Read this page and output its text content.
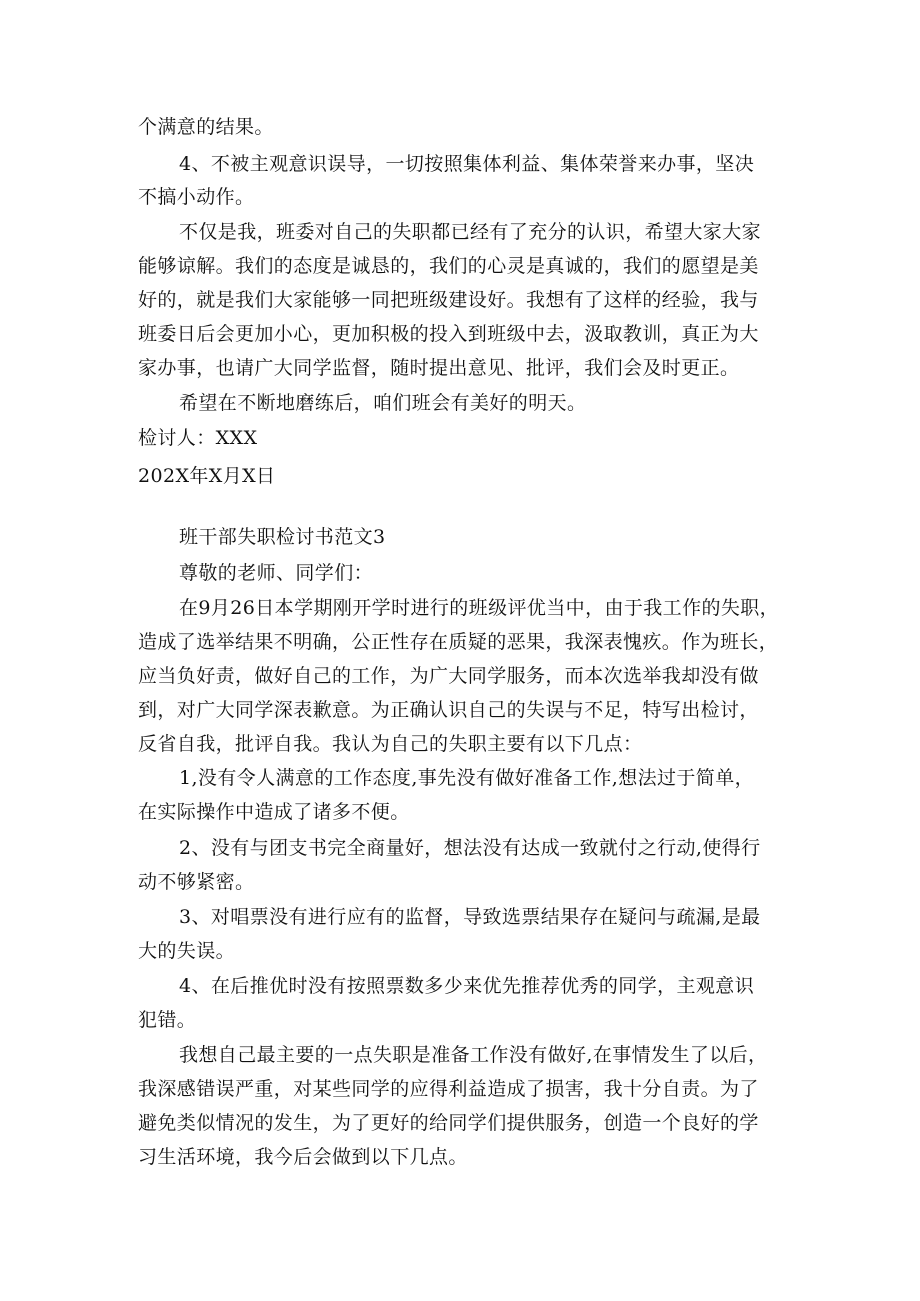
个满意的结果。
4、不被主观意识误导，一切按照集体利益、集体荣誉来办事，坚决
不搞小动作。
不仅是我，班委对自己的失职都已经有了充分的认识，希望大家大家
能够谅解。我们的态度是诚恳的，我们的心灵是真诚的，我们的愿望是美
好的，就是我们大家能够一同把班级建设好。我想有了这样的经验，我与
班委日后会更加小心，更加积极的投入到班级中去，汲取教训，真正为大
家办事，也请广大同学监督，随时提出意见、批评，我们会及时更正。
希望在不断地磨练后，咱们班会有美好的明天。
检讨人：XXX
202X年X月X日
班干部失职检讨书范文3
尊敬的老师、同学们：
在9月26日本学期刚开学时进行的班级评优当中，由于我工作的失职，
造成了选举结果不明确，公正性存在质疑的恶果，我深表愧疚。作为班长，
应当负好责，做好自己的工作，为广大同学服务，而本次选举我却没有做
到，对广大同学深表歉意。为正确认识自己的失误与不足，特写出检讨，
反省自我，批评自我。我认为自己的失职主要有以下几点：
1,没有令人满意的工作态度,事先没有做好准备工作,想法过于简单，
在实际操作中造成了诸多不便。
2、没有与团支书完全商量好，想法没有达成一致就付之行动,使得行
动不够紧密。
3、对唱票没有进行应有的监督，导致选票结果存在疑问与疏漏,是最
大的失误。
4、在后推优时没有按照票数多少来优先推荐优秀的同学，主观意识
犯错。
我想自己最主要的一点失职是准备工作没有做好,在事情发生了以后，
我深感错误严重，对某些同学的应得利益造成了损害，我十分自责。为了
避免类似情况的发生，为了更好的给同学们提供服务，创造一个良好的学
习生活环境，我今后会做到以下几点。
